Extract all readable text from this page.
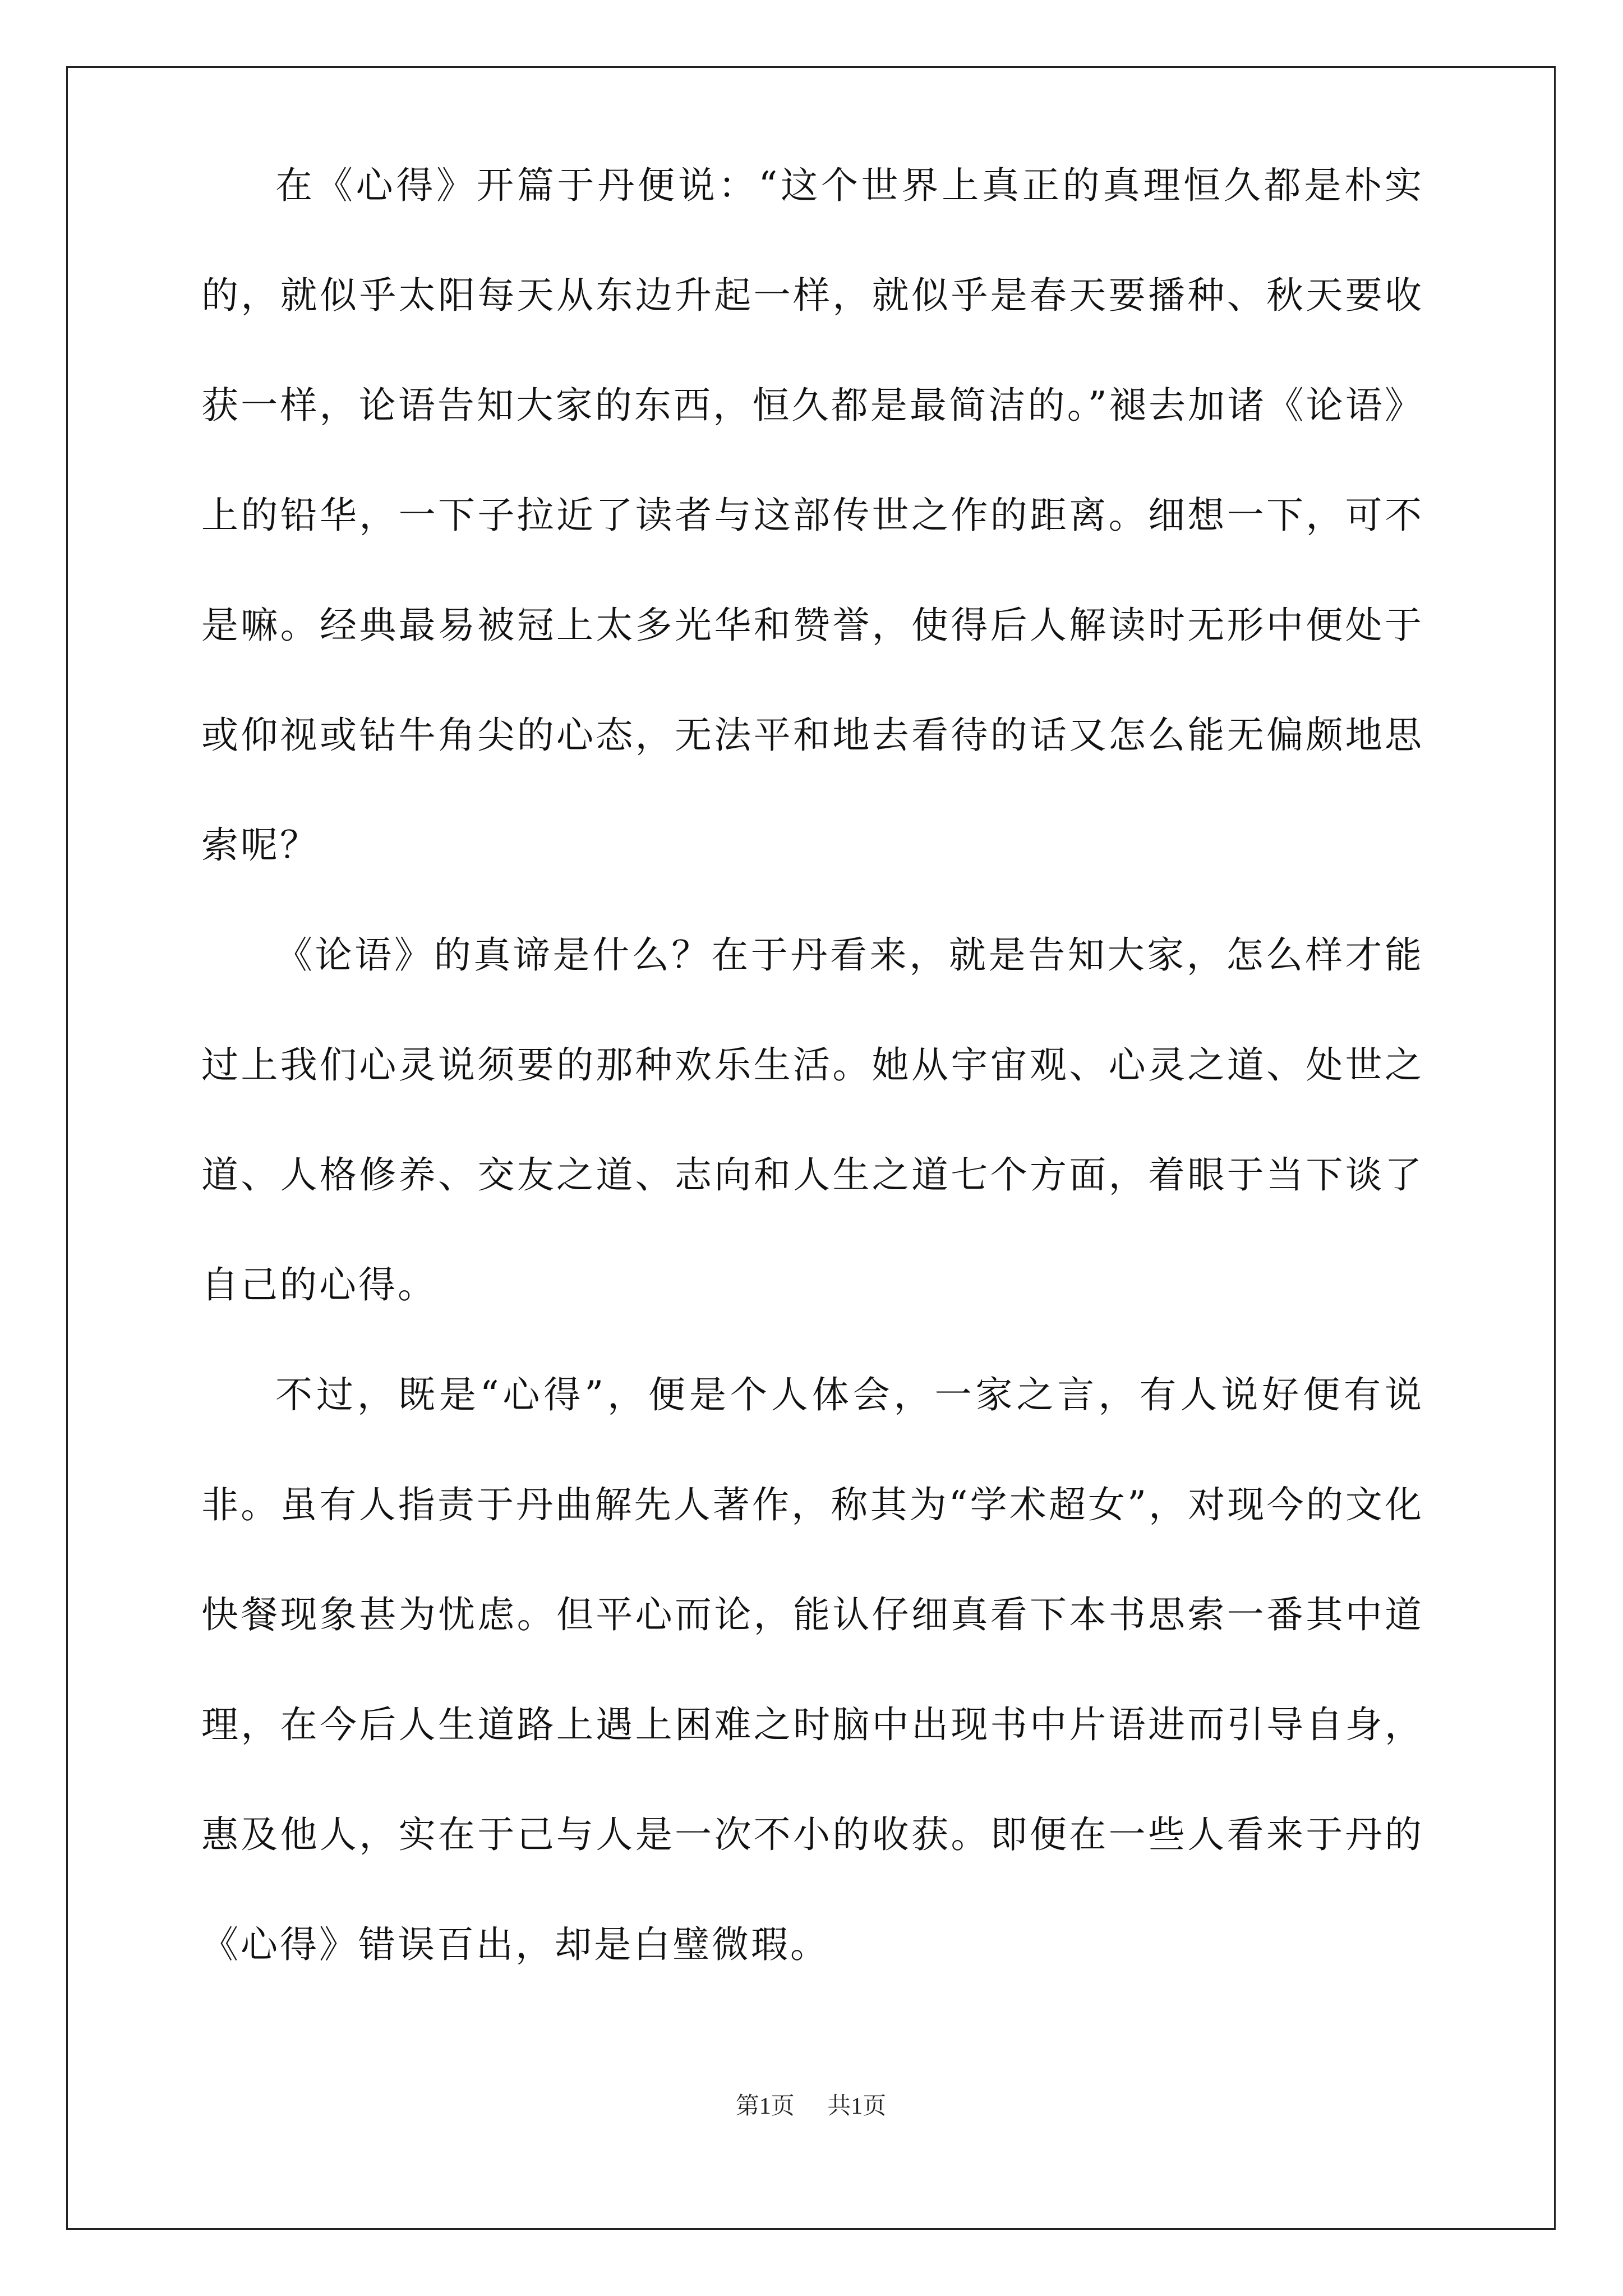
在《心得》开篇于丹便说：“这个世界上真正的真理恒久都是朴实的，就似乎太阳每天从东边升起一样，就似乎是春天要播种、秋天要收获一样，论语告知大家的东西，恒久都是最简洁的。”褪去加诸《论语》上的铅华，一下子拉近了读者与这部传世之作的距离。细想一下，可不是嘛。经典最易被冠上太多光华和赞誉，使得后人解读时无形中便处于或仰视或钻牛角尖的心态，无法平和地去看待的话又怎么能无偏颇地思索呢？

《论语》的真谛是什么？在于丹看来，就是告知大家，怎么样才能过上我们心灵说须要的那种欢乐生活。她从宇宙观、心灵之道、处世之道、人格修养、交友之道、志向和人生之道七个方面，着眼于当下谈了自己的心得。

不过，既是“心得”，便是个人体会，一家之言，有人说好便有说非。虽有人指责于丹曲解先人著作，称其为“学术超女”，对现今的文化快餐现象甚为忧虑。但平心而论，能认仔细真看下本书思索一番其中道理，在今后人生道路上遇上困难之时脑中出现书中片语进而引导自身，惠及他人，实在于己与人是一次不小的收获。即便在一些人看来于丹的《心得》错误百出，却是白璧微瑕。

第1页 共1页
